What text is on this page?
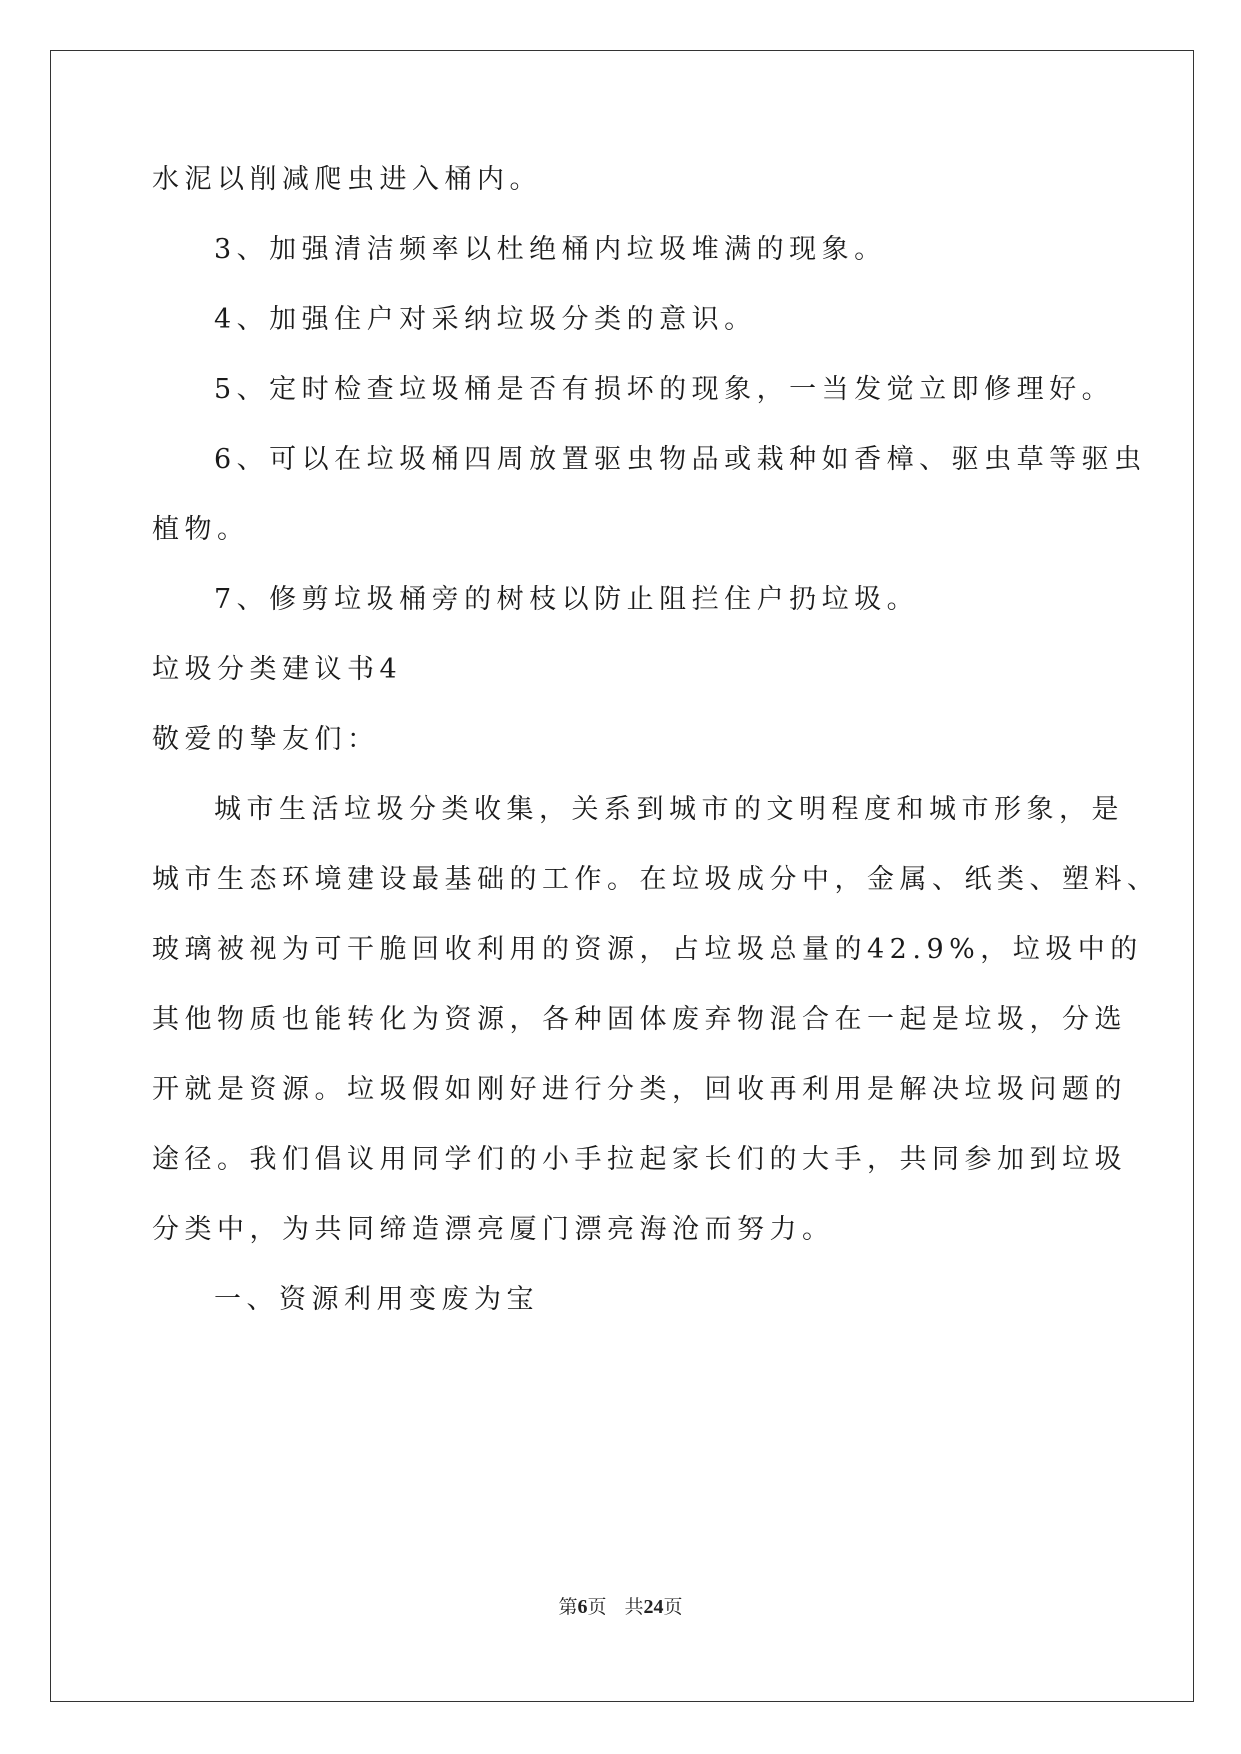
水泥以削减爬虫进入桶内。
3、加强清洁频率以杜绝桶内垃圾堆满的现象。
4、加强住户对采纳垃圾分类的意识。
5、定时检查垃圾桶是否有损坏的现象，一当发觉立即修理好。
6、可以在垃圾桶四周放置驱虫物品或栽种如香樟、驱虫草等驱虫
植物。
7、修剪垃圾桶旁的树枝以防止阻拦住户扔垃圾。
垃圾分类建议书4
敬爱的挚友们：
城市生活垃圾分类收集，关系到城市的文明程度和城市形象，是
城市生态环境建设最基础的工作。在垃圾成分中，金属、纸类、塑料、
玻璃被视为可干脆回收利用的资源，占垃圾总量的42.9%，垃圾中的
其他物质也能转化为资源，各种固体废弃物混合在一起是垃圾，分选
开就是资源。垃圾假如刚好进行分类，回收再利用是解决垃圾问题的
途径。我们倡议用同学们的小手拉起家长们的大手，共同参加到垃圾
分类中，为共同缔造漂亮厦门漂亮海沧而努力。
一、资源利用变废为宝
第6页 共24页
